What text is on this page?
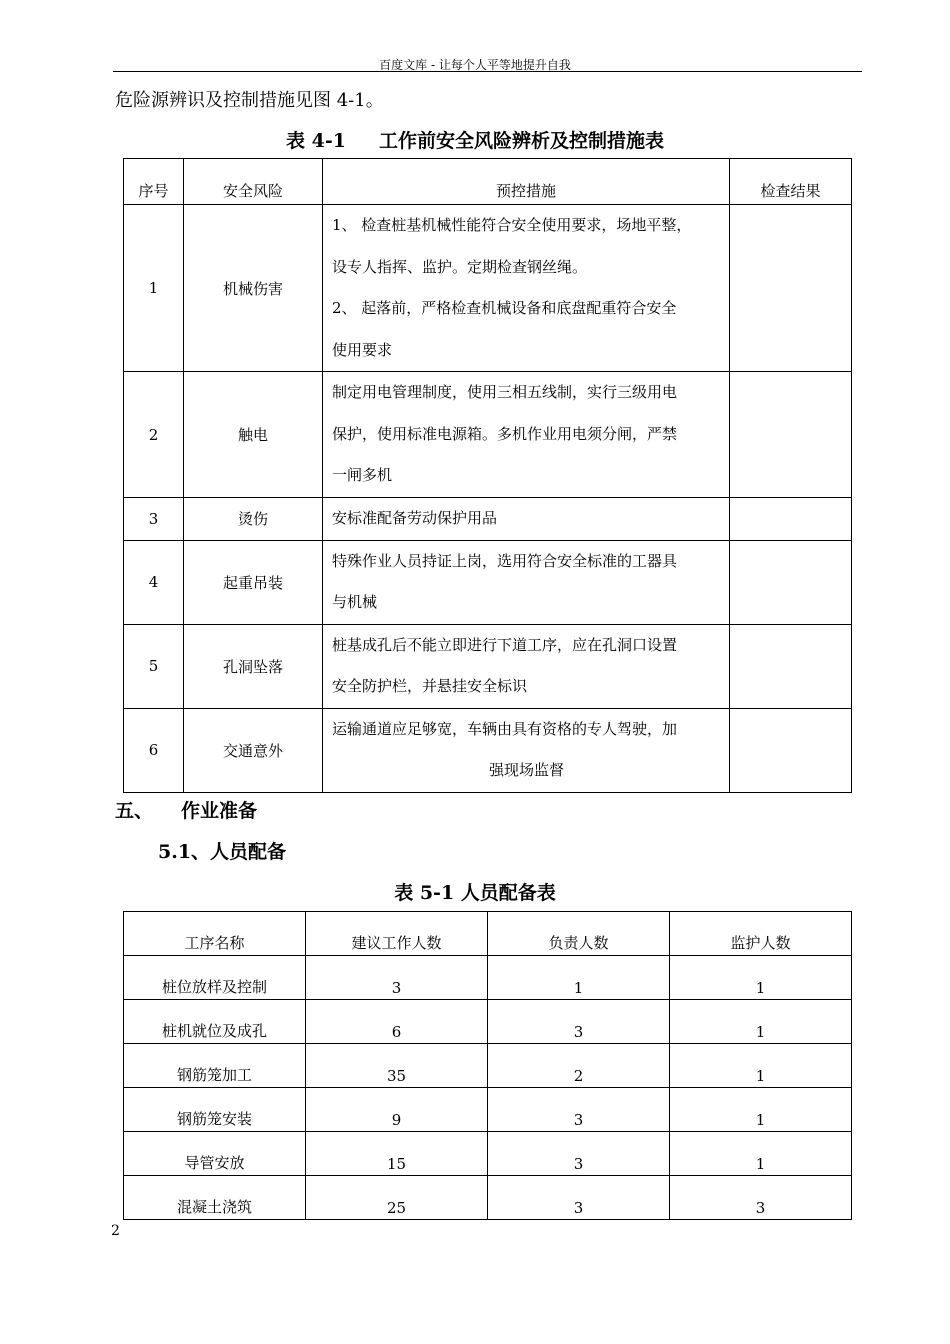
百度文库 - 让每个人平等地提升自我
危险源辨识及控制措施见图 4-1。
表 4-1     工作前安全风险辨析及控制措施表
序号	安全风险	预控措施	检查结果
1	机械伤害	1、 检查桩基机械性能符合安全使用要求，场地平整，
设专人指挥、监护。定期检查钢丝绳。
2、 起落前，严格检查机械设备和底盘配重符合安全
使用要求	

2	触电	制定用电管理制度，使用三相五线制，实行三级用电
保护，使用标准电源箱。多机作业用电须分闸，严禁
一闸多机	

3	烫伤	安标准配备劳动保护用品	

4	起重吊装	特殊作业人员持证上岗，选用符合安全标准的工器具
与机械	

5	孔洞坠落	桩基成孔后不能立即进行下道工序，应在孔洞口设置
安全防护栏，并悬挂安全标识	

6	交通意外	运输通道应足够宽，车辆由具有资格的专人驾驶，加
强现场监督	

五、 作业准备
5.1、人员配备
表 5-1 人员配备表
工序名称	建议工作人数	负责人数	监护人数
桩位放样及控制	3	1	1
桩机就位及成孔	6	3	1
钢筋笼加工	35	2	1
钢筋笼安装	9	3	1
导管安放	15	3	1
混凝土浇筑	25	3	3
2
